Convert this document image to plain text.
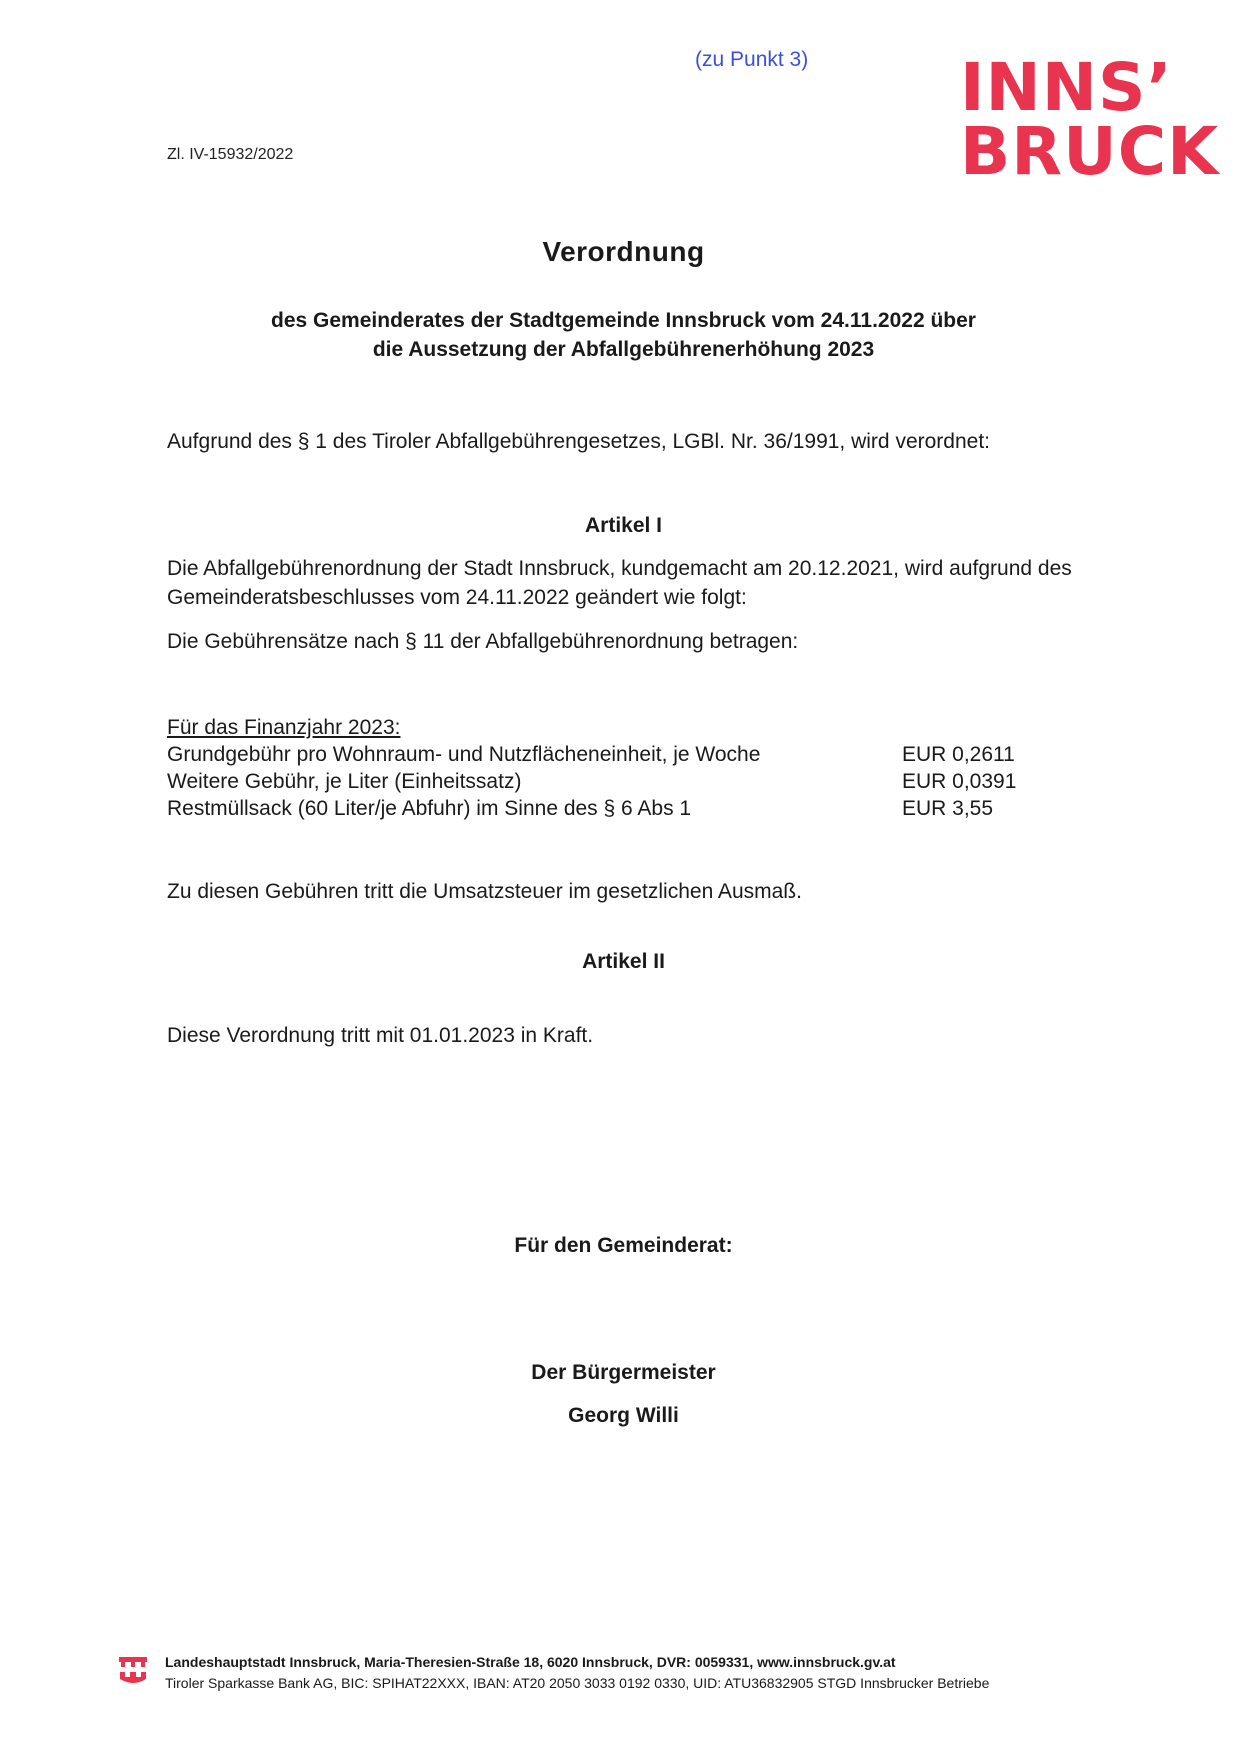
(zu Punkt 3)
Zl. IV-15932/2022
INNS’
BRUCK
Verordnung
des Gemeinderates der Stadtgemeinde Innsbruck vom 24.11.2022 über
die Aussetzung der Abfallgebührenerhöhung 2023
Aufgrund des § 1 des Tiroler Abfallgebührengesetzes, LGBl. Nr. 36/1991, wird verordnet:
Artikel I
Die Abfallgebührenordnung der Stadt Innsbruck, kundgemacht am 20.12.2021, wird aufgrund des
Gemeinderatsbeschlusses vom 24.11.2022 geändert wie folgt:
Die Gebührensätze nach § 11 der Abfallgebührenordnung betragen:
Für das Finanzjahr 2023:
Grundgebühr pro Wohnraum- und Nutzflächeneinheit, je Woche	EUR 0,2611
Weitere Gebühr, je Liter (Einheitssatz)	EUR 0,0391
Restmüllsack (60 Liter/je Abfuhr) im Sinne des § 6 Abs 1	EUR 3,55
Zu diesen Gebühren tritt die Umsatzsteuer im gesetzlichen Ausmaß.
Artikel II
Diese Verordnung tritt mit 01.01.2023 in Kraft.
Für den Gemeinderat:
Der Bürgermeister
Georg Willi
Landeshauptstadt Innsbruck, Maria-Theresien-Straße 18, 6020 Innsbruck, DVR: 0059331, www.innsbruck.gv.at
Tiroler Sparkasse Bank AG, BIC: SPIHAT22XXX, IBAN: AT20 2050 3033 0192 0330, UID: ATU36832905 STGD Innsbrucker Betriebe
